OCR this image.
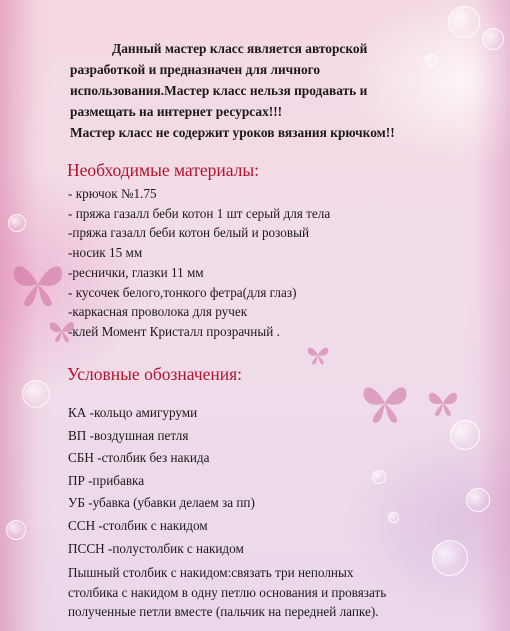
Данный мастер класс является авторской
разработкой и предназначен для личного
использования.Мастер класс нельзя продавать и
размещать на интернет ресурсах!!!
Мастер класс не содержит уроков вязания крючком!!
Необходимые материалы:
- крючок №1.75
- пряжа газалл беби котон 1 шт серый для тела
-пряжа газалл беби котон белый и розовый
-носик 15 мм
-реснички, глазки 11 мм
- кусочек белого,тонкого фетра(для глаз)
-каркасная проволока для ручек
-клей Момент Кристалл прозрачный .
Условные обозначения:
КА -кольцо амигуруми
ВП -воздушная петля
СБН -столбик без накида
ПР -прибавка
УБ -убавка (убавки делаем за пп)
ССН -столбик с накидом
ПССН -полустолбик с накидом
Пышный столбик с накидом:связать три неполных
столбика с накидом в одну петлю основания и провязать
полученные петли вместе (пальчик на передней лапке).
